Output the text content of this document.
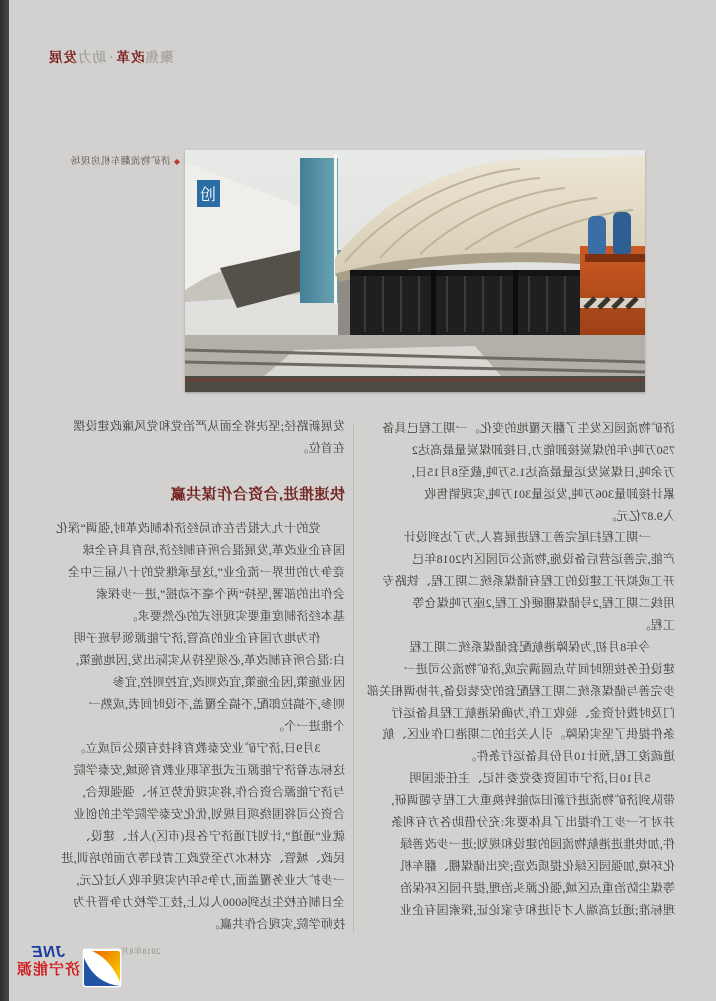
创
聚焦改革·助力发展
◆济矿物流翻车机房现场
济矿物流园区发生了翻天覆地的变化。一期工程已具备
750万吨/年的煤炭接卸能力,日接卸煤炭量最高达2
万余吨,日煤炭发运量最高达1.5万吨,截至8月15日,
累计接卸量306万吨,发运量301万吨,实现销售收
入9.87亿元。
　　一期工程扫尾完善工程进展喜人,为了达到设计
产能,完善运营后备设施,物流公司园区内2018年已
开工或拟开工建设的工程有储煤系统二期工程、铁路专
用线二期工程,2号储煤棚硬化工程,2座万吨煤仓等
工程。
　　今年8月初,为保障港航配套储煤系统二期工程
建设任务按照时间节点圆满完成,济矿物流公司进一
步完善与储煤系统二期工程配套的安装设备,并协调相关部
门及时拨付资金、验收工作,为确保港航工程具备运行
条件提供了坚实保障。引人关注的二期港口作业区、航
道疏浚工程,预计10月份具备运行条件。
　　5月10日,济宁市国资委党委书记、主任张国明
带队到济矿物流进行新旧动能转换重大工程专题调研,
并对下一步工作提出了具体要求:充分借助各方有利条
件,加快推进港航物流园的建设和规划;进一步改善绿
化环境,加强园区绿化提质改造;突出储煤棚、翻车机
等煤尘防治重点区域,强化源头治理,提升园区环保治
理标准;通过高端人才引进和专家论证,探索国有企业
发展新路径;坚决将全面从严治党和党风廉政建设摆
在首位。
快速推进,合资合作谋共赢
　　党的十九大报告在布局经济体制改革时,强调“深化
国有企业改革,发展混合所有制经济,培育具有全球
竞争力的世界一流企业”,这是承继党的十八届三中全
会作出的部署,坚持“两个毫不动摇”,进一步探索
基本经济制度重要实现形式的必然要求。
　　作为地方国有企业的高管,济宁能源领导班子明
白:混合所有制改革,必须坚持从实际出发,因地施策,
因业施策,因企施策,宜改则改,宜控则控,宜参
则参,不搞拉郎配,不搞全覆盖,不设时间表,成熟一
个推进一个。
　　3月9日,济宁矿业安泰教育科技有限公司成立。
这标志着济宁能源正式进军职业教育领域,安泰学院
与济宁能源合资合作,将实现优势互补、强强联合,
合资公司将围绕项目规划,优化安泰学院学生的创业
就业“通道”,计划打通济宁各县(市区)人社、建设、
民政、城管、农林水乃至党政工青妇等方面的培训,进
一步扩大业务覆盖面,力争5年内实现年收入过亿元,
全日制在校生达到6000人以上,技工学校力争晋升为
技师学院,实现合作共赢。
2018年8月
JNE
济宁能源
